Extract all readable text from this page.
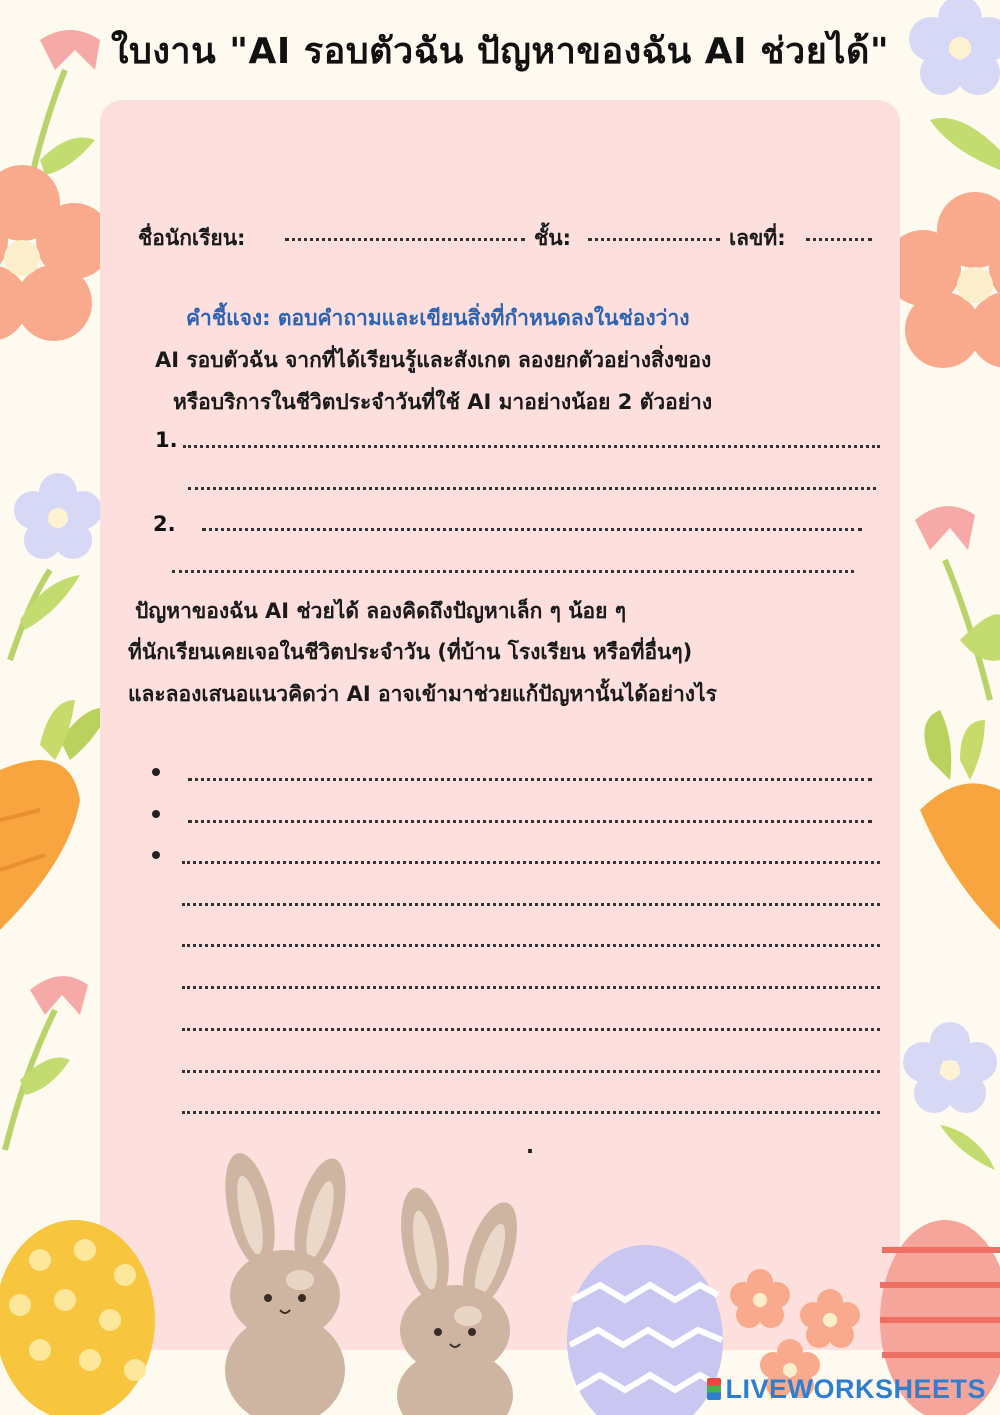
ใบงาน "AI รอบตัวฉัน ปัญหาของฉัน AI ช่วยได้"
ชื่อนักเรียน:	ชั้น:	เลขที่:
คำชี้แจง: ตอบคำถามและเขียนสิ่งที่กำหนดลงในช่องว่าง
AI รอบตัวฉัน จากที่ได้เรียนรู้และสังเกต ลองยกตัวอย่างสิ่งของ
หรือบริการในชีวิตประจำวันที่ใช้ AI มาอย่างน้อย 2 ตัวอย่าง
1.
2.
ปัญหาของฉัน AI ช่วยได้ ลองคิดถึงปัญหาเล็ก ๆ น้อย ๆ
ที่นักเรียนเคยเจอในชีวิตประจำวัน (ที่บ้าน โรงเรียน หรือที่อื่นๆ)
และลองเสนอแนวคิดว่า AI อาจเข้ามาช่วยแก้ปัญหานั้นได้อย่างไร
.
LIVEWORKSHEETS
